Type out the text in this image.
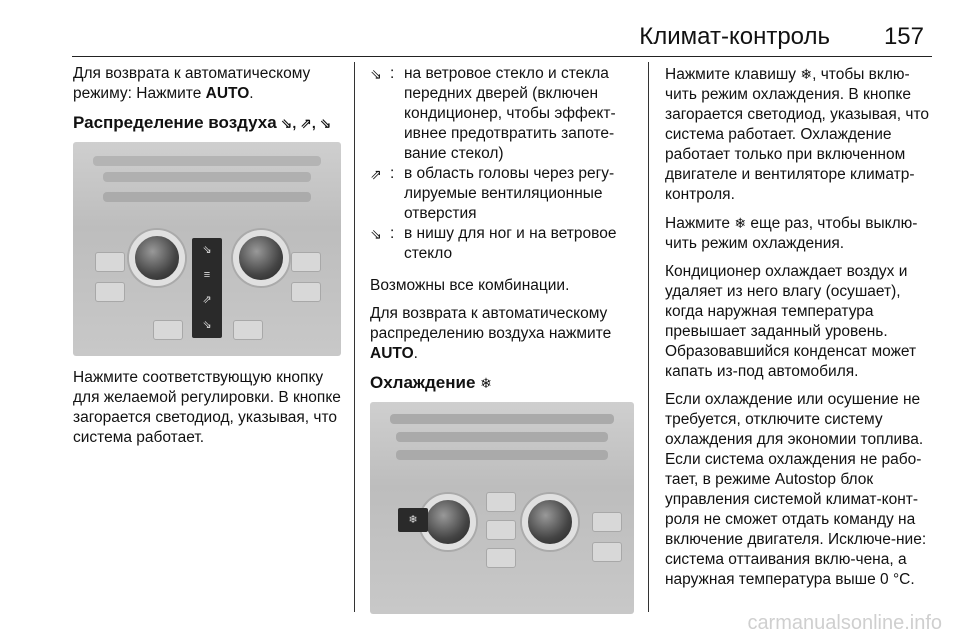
Климат-контроль 157

Для возврата к автоматическому режиму: Нажмите AUTO.

Распределение воздуха ⇘, ⇗, ⇘
⇘
≡
⇗
⇘

Нажмите соответствующую кнопку для желаемой регулировки. В кнопке загорается светодиод, указывая, что система работает.

⇘ : на ветровое стекло и стекла передних дверей (включен кондиционер, чтобы эффект-ивнее предотвратить запоте-вание стекол)
⇗ : в область головы через регу-лируемые вентиляционные отверстия
⇘ : в нишу для ног и на ветровое стекло

Возможны все комбинации.

Для возврата к автоматическому распределению воздуха нажмите AUTO.

Охлаждение ❄
❄

Нажмите клавишу ❄, чтобы вклю-чить режим охлаждения. В кнопке загорается светодиод, указывая, что система работает. Охлаждение работает только при включенном двигателе и вентиляторе климатр-контроля.

Нажмите ❄ еще раз, чтобы выклю-чить режим охлаждения.

Кондиционер охлаждает воздух и удаляет из него влагу (осушает), когда наружная температура превышает заданный уровень. Образовавшийся конденсат может капать из-под автомобиля.

Если охлаждение или осушение не требуется, отключите систему охлаждения для экономии топлива. Если система охлаждения не рабо-тает, в режиме Autostop блок управления системой климат-конт-роля не сможет отдать команду на включение двигателя. Исключе-ние: система оттаивания вклю-чена, а наружная температура выше 0 °С.

carmanualsonline.info
